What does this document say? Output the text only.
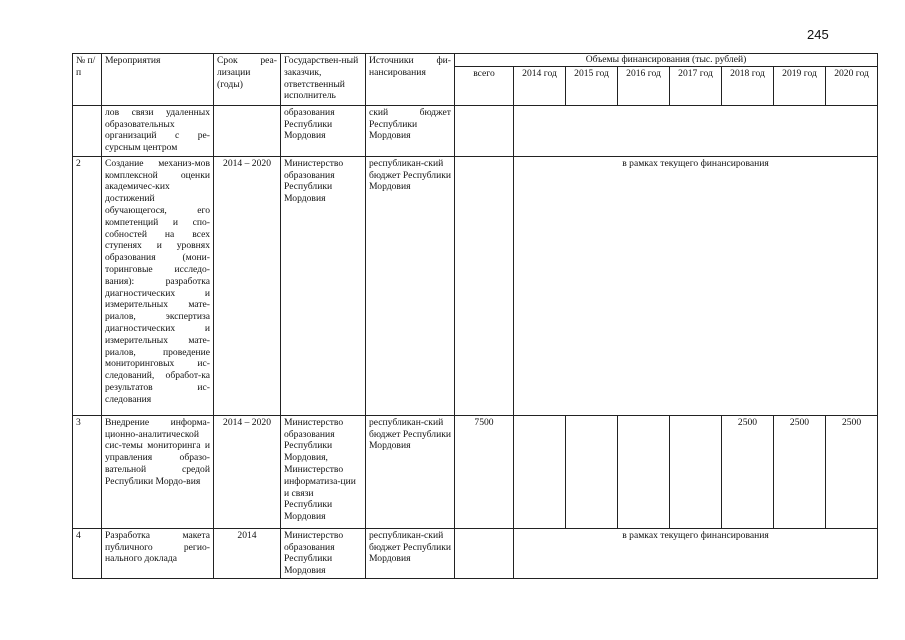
245
№ п/п	Мероприятия	Срок реа-лизации (годы)	Государствен-ный заказчик, ответственный исполнитель	Источники фи-нансирования	Объемы финансирования (тыс. рублей)							
					всего	2014 год	2015 год	2016 год	2017 год	2018 год	2019 год	2020 год
	лов связи удаленных образовательных организаций с ре-сурсным центром		образования Республики Мордовия	ский бюджет Республики Мордовия								
2	Создание механиз-мов комплексной оценки академичес-ких достижений обучающегося, его компетенций и спо-собностей на всех ступенях и уровнях образования (мони-торинговые исследо-вания): разработка диагностических и измерительных мате-риалов, экспертиза диагностических и измерительных мате-риалов, проведение мониторинговых ис-следований, обработ-ка результатов ис-следования	2014 – 2020	Министерство образования Республики Мордовия	республикан-ский бюджет Республики Мордовия		в рамках текущего финансирования						
3	Внедрение информа-ционно-аналитической сис-темы мониторинга и управления образо-вательной средой Республики Мордо-вия	2014 – 2020	Министерство образования Республики Мордовия, Министерство информатиза-ции и связи Республики Мордовия	республикан-ский бюджет Республики Мордовия	7500					2500	2500	2500
4	Разработка макета публичного регио-нального доклада	2014	Министерство образования Республики Мордовия	республикан-ский бюджет Республики Мордовия		в рамках текущего финансирования						
